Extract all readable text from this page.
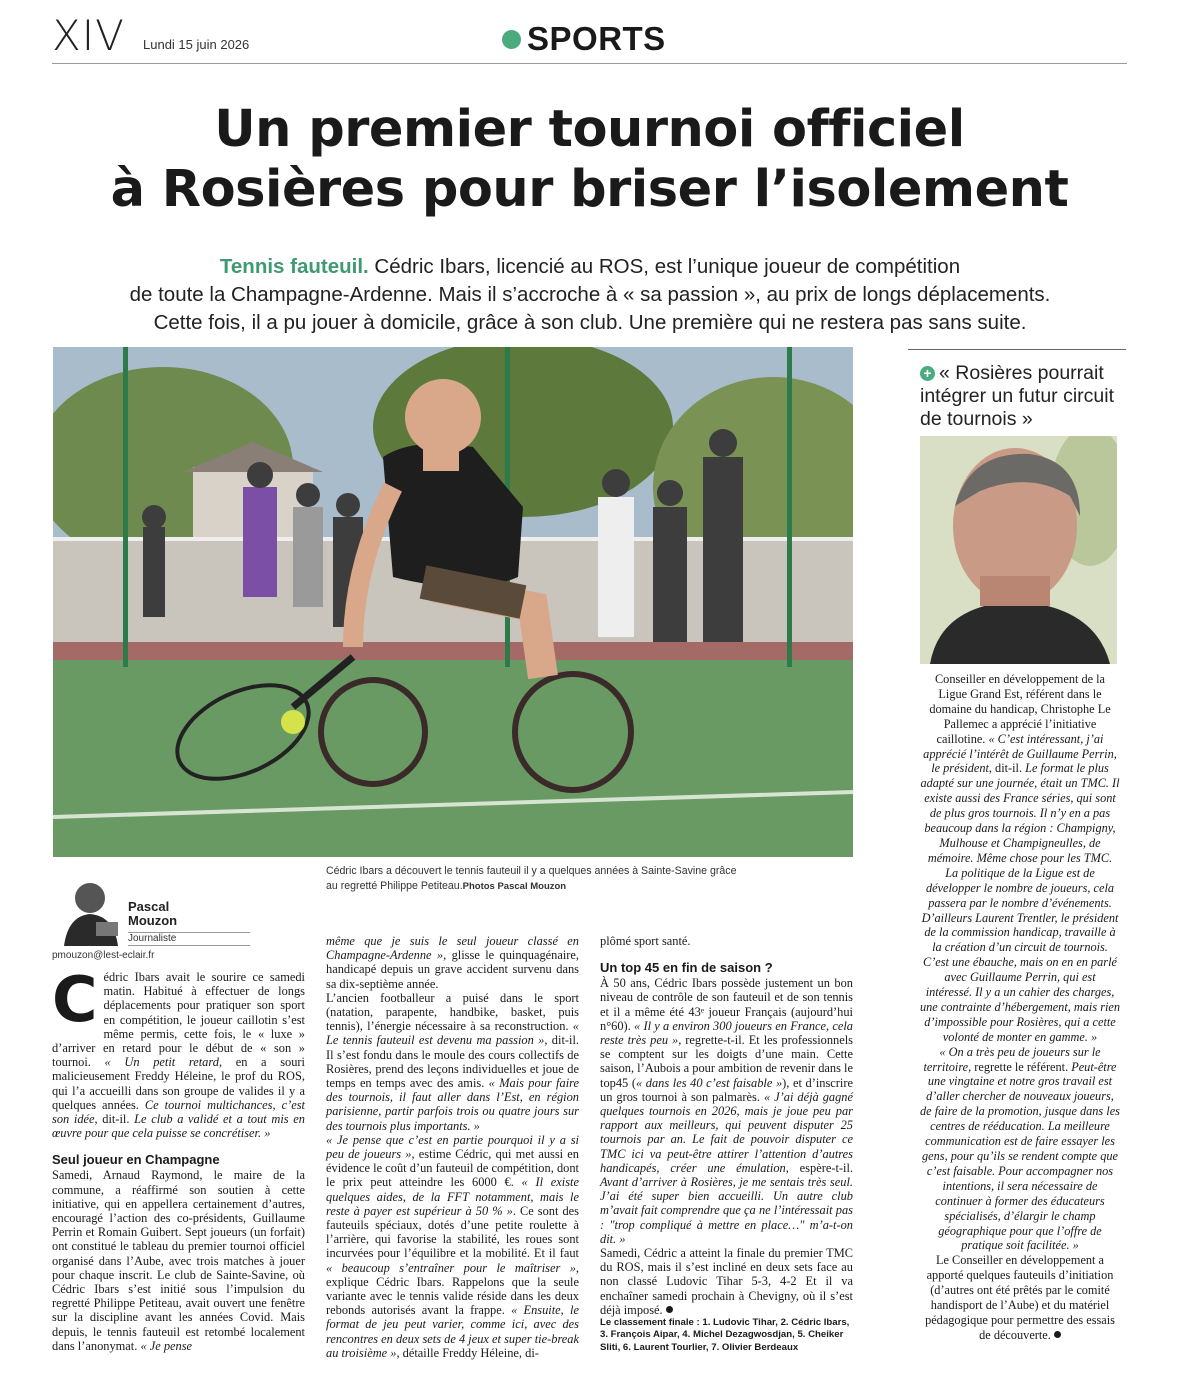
XIV Lundi 15 juin 2026	SPORTS
Un premier tournoi officiel
à Rosières pour briser l’isolement
Tennis fauteuil. Cédric Ibars, licencié au ROS, est l’unique joueur de compétition
de toute la Champagne-Ardenne. Mais il s’accroche à « sa passion », au prix de longs déplacements.
Cette fois, il a pu jouer à domicile, grâce à son club. Une première qui ne restera pas sans suite.
Cédric Ibars a découvert le tennis fauteuil il y a quelques années à Sainte-Savine grâce au regretté Philippe Petiteau.Photos Pascal Mouzon
+ « Rosières pourrait intégrer un futur circuit de tournois »

Conseiller en développement de la Ligue Grand Est, référent dans le domaine du handicap, Christophe Le Pallemec a apprécié l’initiative caillotine. « C’est intéressant, j’ai apprécié l’intérêt de Guillaume Perrin, le président, dit-il. Le format le plus adapté sur une journée, était un TMC. Il existe aussi des France séries, qui sont de plus gros tournois. Il n’y en a pas beaucoup dans la région : Champigny, Mulhouse et Champigneulles, de mémoire. Même chose pour les TMC. La politique de la Ligue est de développer le nombre de joueurs, cela passera par le nombre d’événements. D’ailleurs Laurent Trentler, le président de la commission handicap, travaille à la création d’un circuit de tournois. C’est une ébauche, mais on en en parlé avec Guillaume Perrin, qui est intéressé. Il y a un cahier des charges, une contrainte d’hébergement, mais rien d’impossible pour Rosières, qui a cette volonté de monter en gamme. »

« On a très peu de joueurs sur le territoire, regrette le référent. Peut-être une vingtaine et notre gros travail est d’aller chercher de nouveaux joueurs, de faire de la promotion, jusque dans les centres de rééducation. La meilleure communication est de faire essayer les gens, pour qu’ils se rendent compte que c’est faisable. Pour accompagner nos intentions, il sera nécessaire de continuer à former des éducateurs spécialisés, d’élargir le champ géographique pour que l’offre de pratique soit facilitée. »

Le Conseiller en développement a apporté quelques fauteuils d’initiation (d’autres ont été prêtés par le comité handisport de l’Aube) et du matériel pédagogique pour permettre des essais de découverte.

Pascal
Mouzon
Journaliste
pmouzon@lest-eclair.fr

Cédric Ibars avait le sourire ce samedi matin. Habitué à effectuer de longs déplacements pour pratiquer son sport en compétition, le joueur caillotin s’est même permis, cette fois, le « luxe » d’arriver en retard pour le début de « son » tournoi. « Un petit retard, en a souri malicieusement Freddy Héleine, le prof du ROS, qui l’a accueilli dans son groupe de valides il y a quelques années. Ce tournoi multichances, c’est son idée, dit-il. Le club a validé et a tout mis en œuvre pour que cela puisse se concrétiser. »

Seul joueur en Champagne

Samedi, Arnaud Raymond, le maire de la commune, a réaffirmé son soutien à cette initiative, qui en appellera certainement d’autres, encouragé l’action des co-présidents, Guillaume Perrin et Romain Guibert. Sept joueurs (un forfait) ont constitué le tableau du premier tournoi officiel organisé dans l’Aube, avec trois matches à jouer pour chaque inscrit. Le club de Sainte-Savine, où Cédric Ibars s’est initié sous l’impulsion du regretté Philippe Petiteau, avait ouvert une fenêtre sur la discipline avant les années Covid. Mais depuis, le tennis fauteuil est retombé localement dans l’anonymat. « Je pense

même que je suis le seul joueur classé en Champagne-Ardenne », glisse le quinquagénaire, handicapé depuis un grave accident survenu dans sa dix-septième année.

L’ancien footballeur a puisé dans le sport (natation, parapente, handbike, basket, puis tennis), l’énergie nécessaire à sa reconstruction. « Le tennis fauteuil est devenu ma passion », dit-il. Il s’est fondu dans le moule des cours collectifs de Rosières, prend des leçons individuelles et joue de temps en temps avec des amis. « Mais pour faire des tournois, il faut aller dans l’Est, en région parisienne, partir parfois trois ou quatre jours sur des tournois plus importants. »

« Je pense que c’est en partie pourquoi il y a si peu de joueurs », estime Cédric, qui met aussi en évidence le coût d’un fauteuil de compétition, dont le prix peut atteindre les 6000 €. « Il existe quelques aides, de la FFT notamment, mais le reste à payer est supérieur à 50 % ». Ce sont des fauteuils spéciaux, dotés d’une petite roulette à l’arrière, qui favorise la stabilité, les roues sont incurvées pour l’équilibre et la mobilité. Et il faut « beaucoup s’entraîner pour le maîtriser », explique Cédric Ibars. Rappelons que la seule variante avec le tennis valide réside dans les deux rebonds autorisés avant la frappe. « Ensuite, le format de jeu peut varier, comme ici, avec des rencontres en deux sets de 4 jeux et super tie-break au troisième », détaille Freddy Héleine, di-

plômé sport santé.

Un top 45 en fin de saison ?

À 50 ans, Cédric Ibars possède justement un bon niveau de contrôle de son fauteuil et de son tennis et il a même été 43ᵉ joueur Français (aujourd’hui n°60). « Il y a environ 300 joueurs en France, cela reste très peu », regrette-t-il. Et les professionnels se comptent sur les doigts d’une main. Cette saison, l’Aubois a pour ambition de revenir dans le top45 (« dans les 40 c’est faisable »), et d’inscrire un gros tournoi à son palmarès. « J’ai déjà gagné quelques tournois en 2026, mais je joue peu par rapport aux meilleurs, qui peuvent disputer 25 tournois par an. Le fait de pouvoir disputer ce TMC ici va peut-être attirer l’attention d’autres handicapés, créer une émulation, espère-t-il. Avant d’arriver à Rosières, je me sentais très seul. J’ai été super bien accueilli. Un autre club m’avait fait comprendre que ça ne l’intéressait pas : "trop compliqué à mettre en place…" m’a-t-on dit. »

Samedi, Cédric a atteint la finale du premier TMC du ROS, mais il s’est incliné en deux sets face au non classé Ludovic Tihar 5-3, 4-2 Et il va enchaîner samedi prochain à Chevigny, où il s’est déjà imposé.

Le classement finale : 1. Ludovic Tihar, 2. Cédric Ibars, 3. François Aipar, 4. Michel Dezagwosdjan, 5. Cheiker Sliti, 6. Laurent Tourlier, 7. Olivier Berdeaux
